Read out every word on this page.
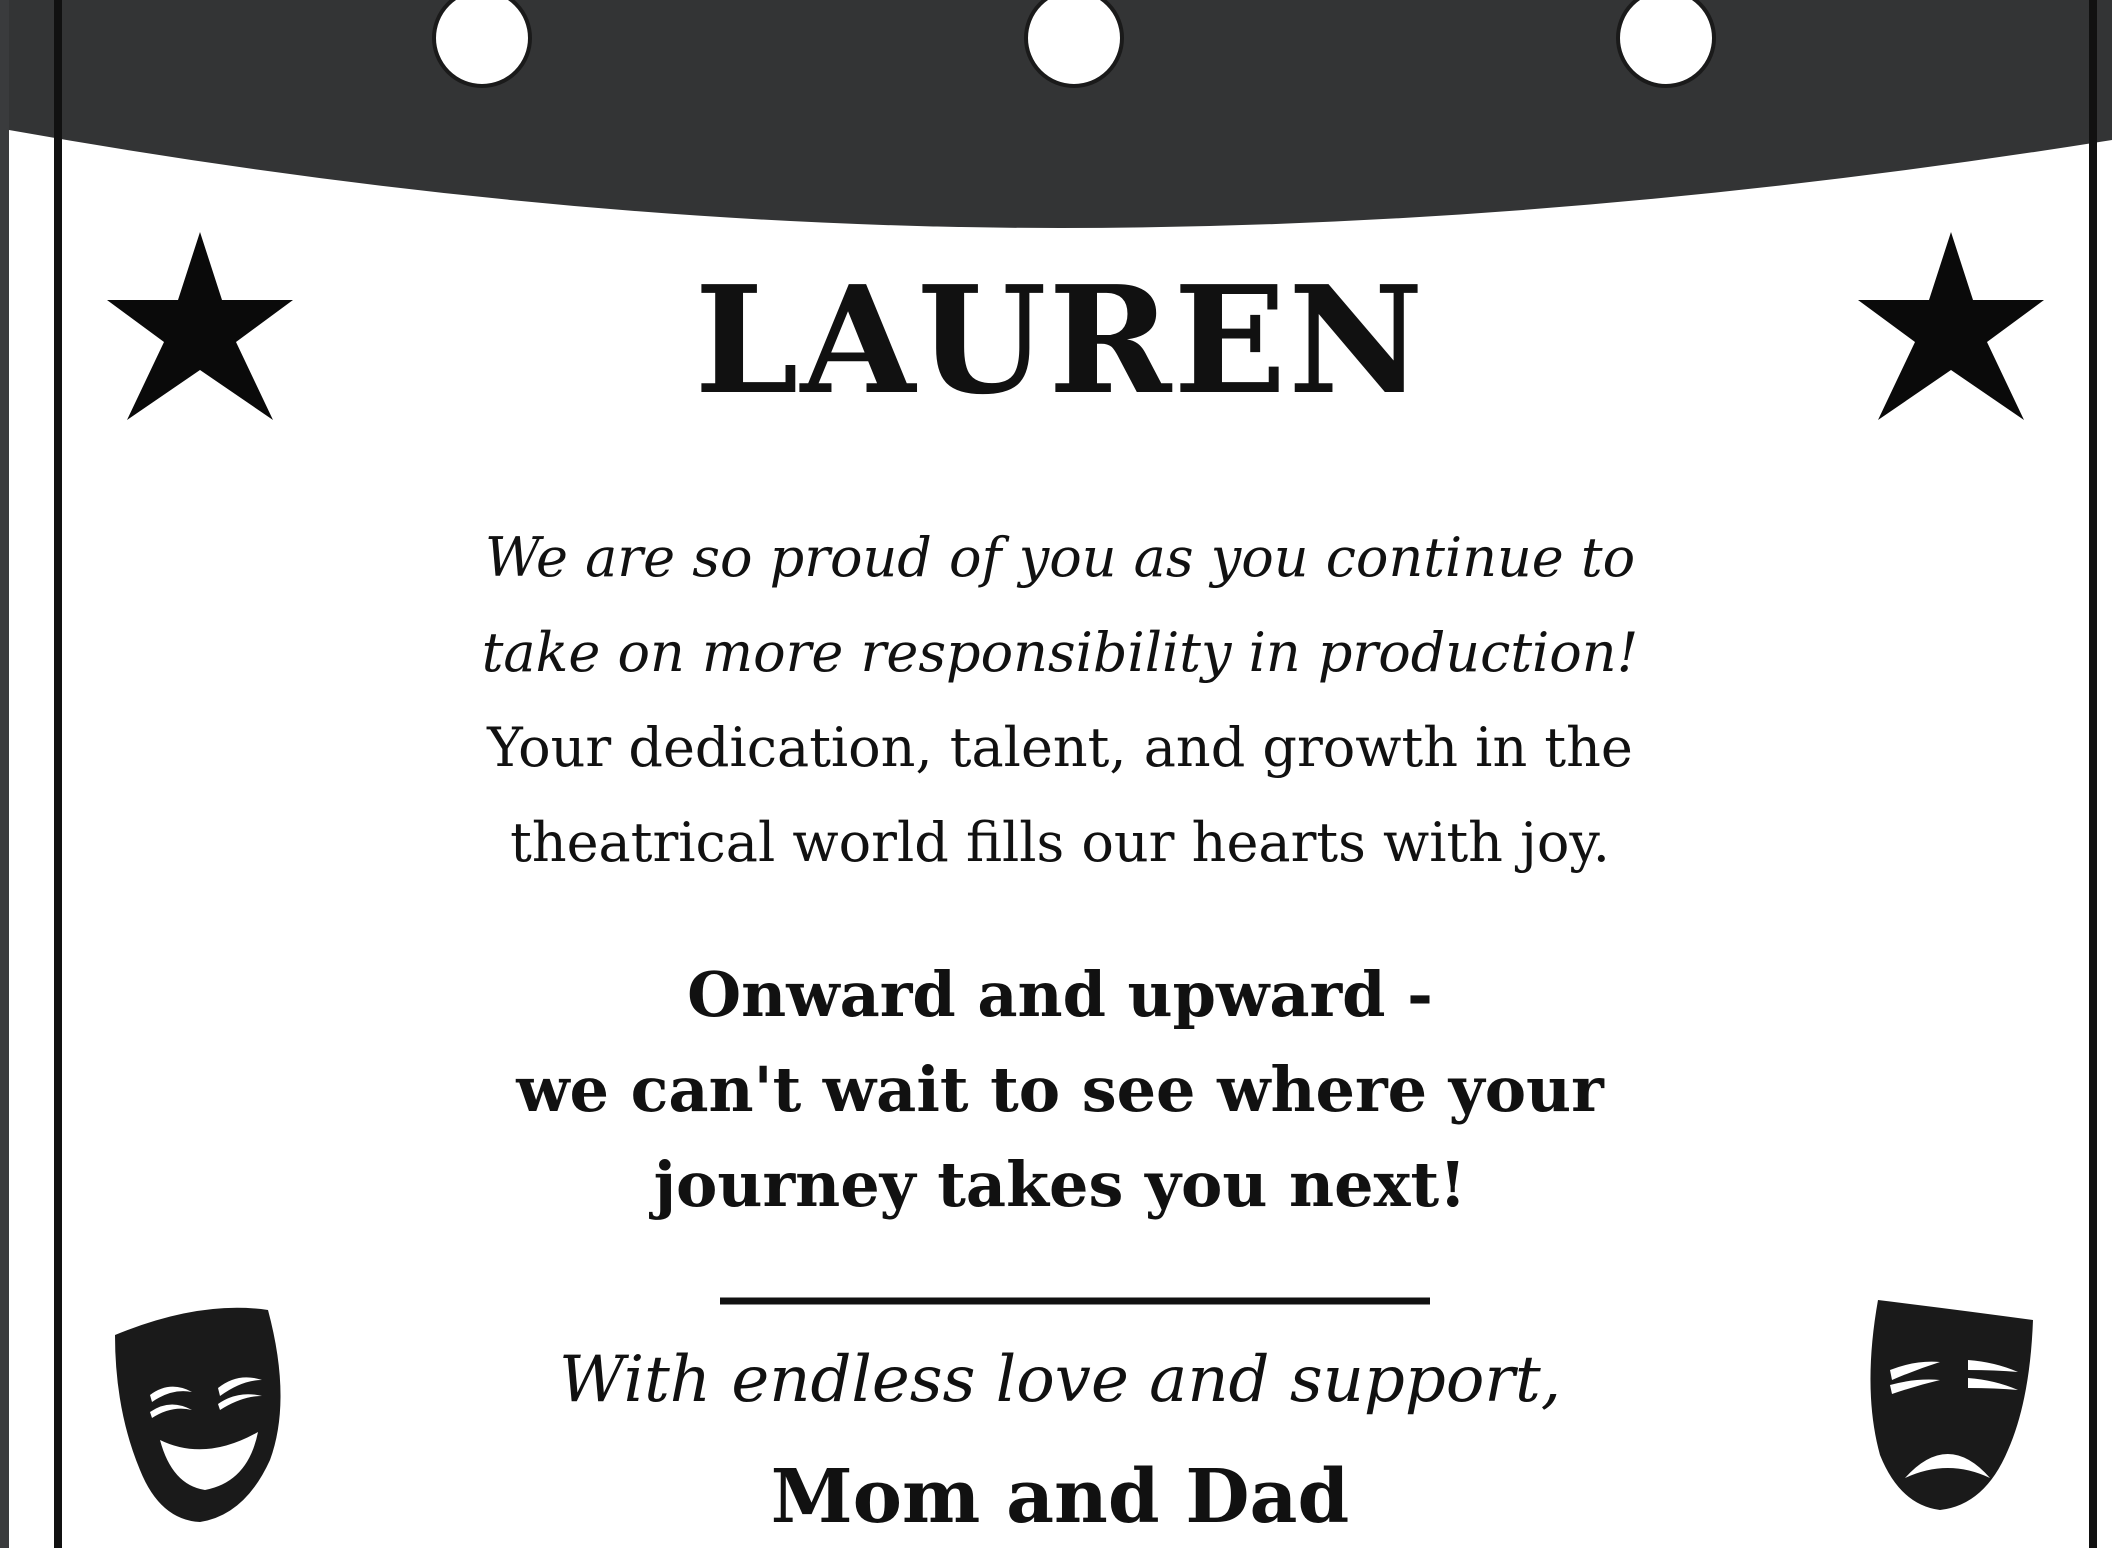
LAUREN

We are so proud of you as you continue to

take on more responsibility in production!

Your dedication, talent, and growth in the

theatrical world fills our hearts with joy.

Onward and upward -

we can't wait to see where your

journey takes you next!

With endless love and support,

Mom and Dad
